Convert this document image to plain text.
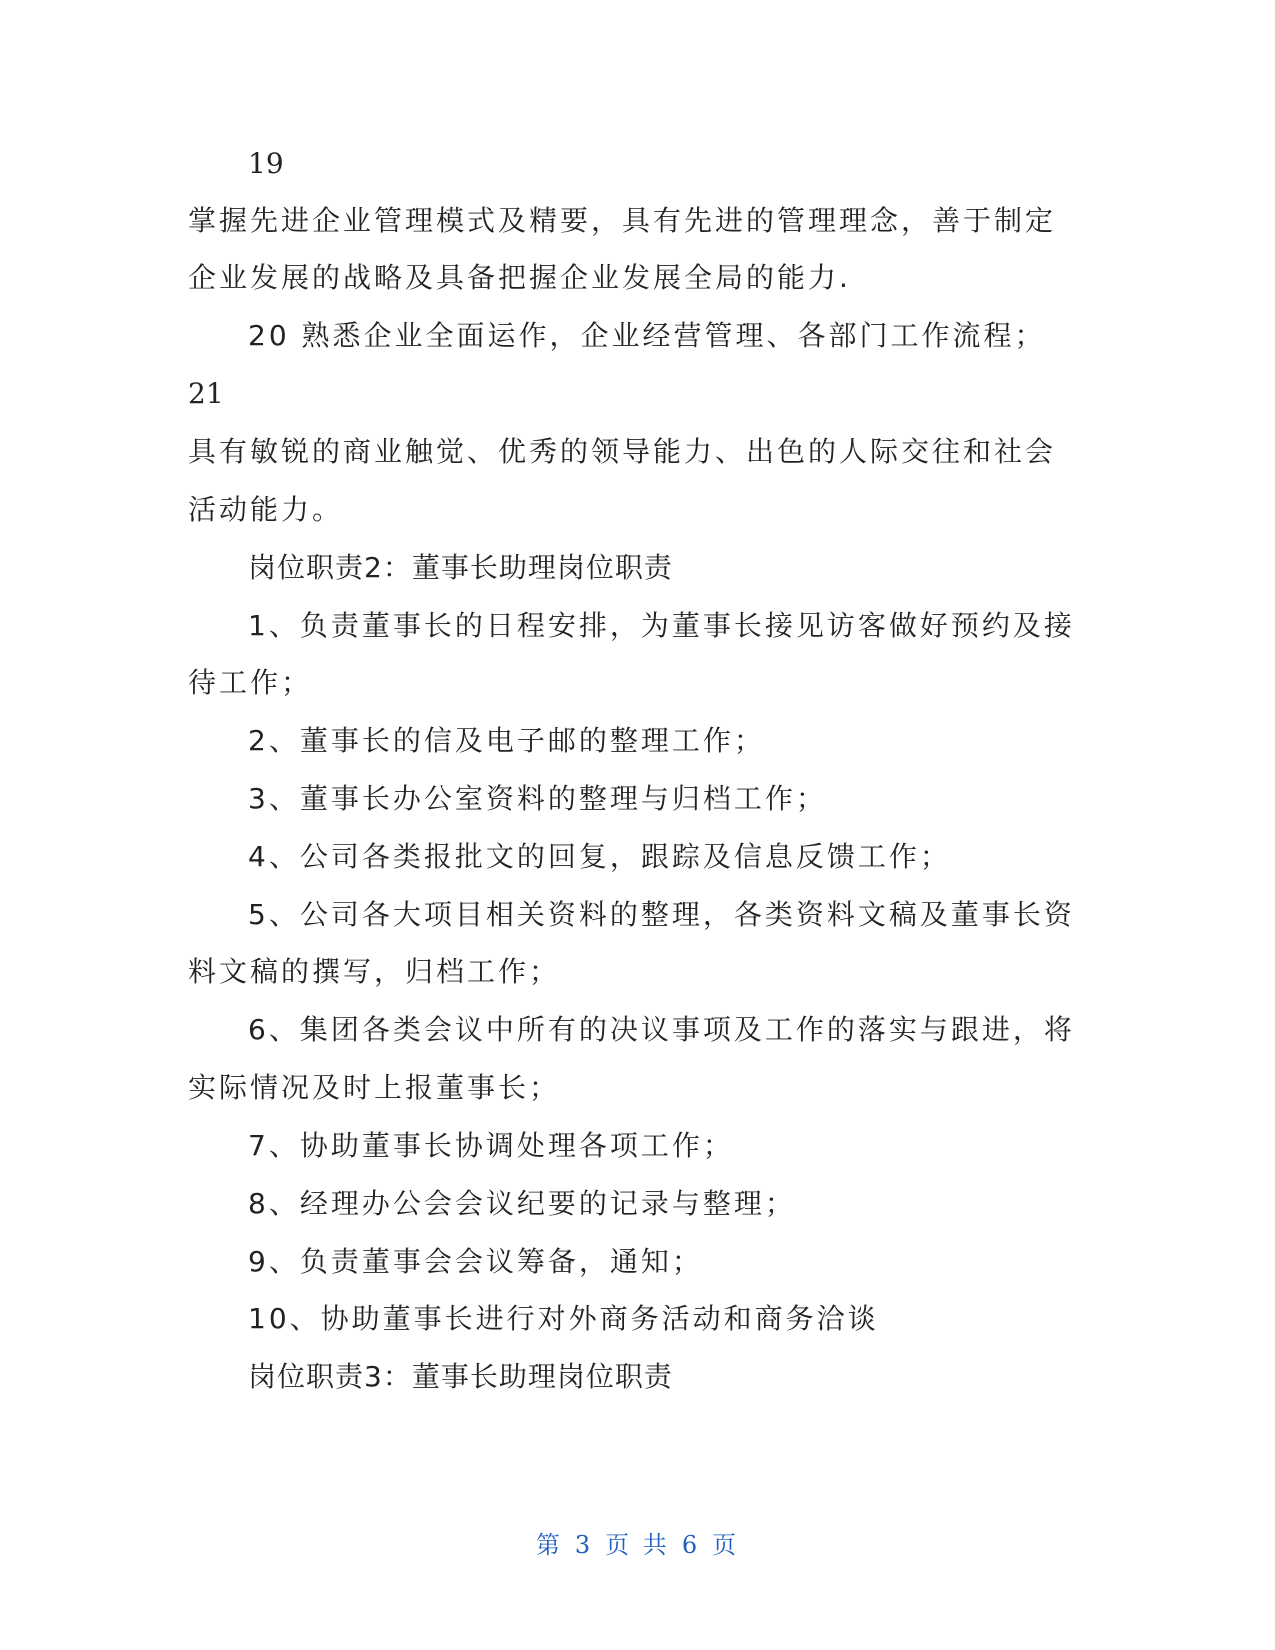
19
掌握先进企业管理模式及精要，具有先进的管理理念，善于制定
企业发展的战略及具备把握企业发展全局的能力.
20 熟悉企业全面运作，企业经营管理、各部门工作流程；
21
具有敏锐的商业触觉、优秀的领导能力、出色的人际交往和社会
活动能力。
岗位职责2：董事长助理岗位职责
1、负责董事长的日程安排，为董事长接见访客做好预约及接
待工作；
2、董事长的信及电子邮的整理工作；
3、董事长办公室资料的整理与归档工作；
4、公司各类报批文的回复，跟踪及信息反馈工作；
5、公司各大项目相关资料的整理，各类资料文稿及董事长资
料文稿的撰写，归档工作；
6、集团各类会议中所有的决议事项及工作的落实与跟进，将
实际情况及时上报董事长；
7、协助董事长协调处理各项工作；
8、经理办公会会议纪要的记录与整理；
9、负责董事会会议筹备，通知；
10、协助董事长进行对外商务活动和商务洽谈
岗位职责3：董事长助理岗位职责
第 3 页 共 6 页
